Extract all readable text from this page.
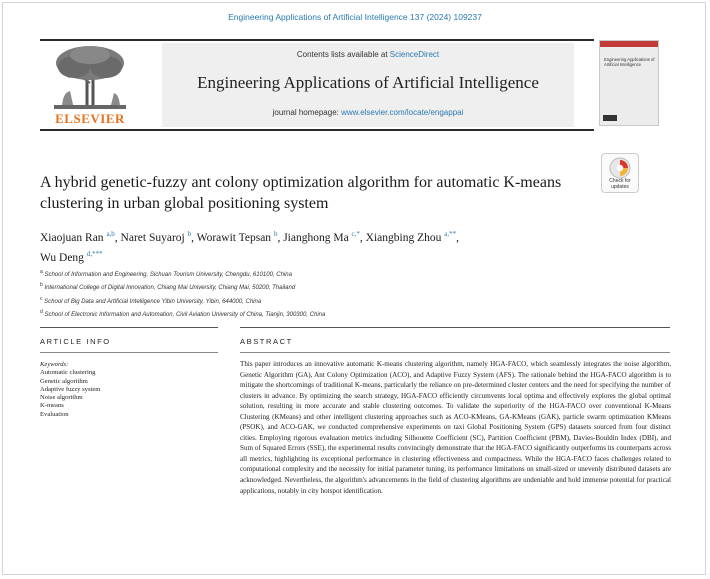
Engineering Applications of Artificial Intelligence 137 (2024) 109237
ELSEVIER
Contents lists available at ScienceDirect
Engineering Applications of Artificial Intelligence
journal homepage: www.elsevier.com/locate/engappai
Engineering Applications of Artificial Intelligence
Check for updates
A hybrid genetic-fuzzy ant colony optimization algorithm for automatic K-means clustering in urban global positioning system
Xiaojuan Ran $^{a,b}$, Naret Suyaroj $^b$, Worawit Tepsan $^b$, Jianghong Ma $^{c,*}$, Xiangbing Zhou $^{a,**}$,
Wu Deng $^{d,***}$
$^a$ School of Information and Engineering, Sichuan Tourism University, Chengdu, 610100, China
$^b$ International College of Digital Innovation, Chiang Mai University, Chiang Mai, 50200, Thailand
$^c$ School of Big Data and Artificial Intelligence Yibin University, Yibin, 644000, China
$^d$ School of Electronic Information and Automation, Civil Aviation University of China, Tianjin, 300300, China
ARTICLE INFO	ABSTRACT
Keywords:
Automatic clustering
Genetic algorithm
Adaptive fuzzy system
Noise algorithm
K-means
Evaluation

This paper introduces an innovative automatic K-means clustering algorithm, namely HGA-FACO, which seamlessly integrates the noise algorithm, Genetic Algorithm (GA), Ant Colony Optimization (ACO), and Adaptive Fuzzy System (AFS). The rationale behind the HGA-FACO algorithm is to mitigate the shortcomings of traditional K-means, particularly the reliance on pre-determined cluster centers and the need for specifying the number of clusters in advance. By optimizing the search strategy, HGA-FACO efficiently circumvents local optima and effectively explores the global optimal solution, resulting in more accurate and stable clustering outcomes. To validate the superiority of the HGA-FACO over conventional K-Means Clustering (KMeans) and other intelligent clustering approaches such as ACO-KMeans, GA-KMeans (GAK), particle swarm optimization KMeans (PSOK), and ACO-GAK, we conducted comprehensive experiments on taxi Global Positioning System (GPS) datasets sourced from four distinct cities. Employing rigorous evaluation metrics including Silhouette Coefficient (SC), Partition Coefficient (PBM), Davies-Bouldin Index (DBI), and Sum of Squared Errors (SSE), the experimental results convincingly demonstrate that the HGA-FACO significantly outperforms its counterparts across all metrics, highlighting its exceptional performance in clustering effectiveness and compactness. While the HGA-FACO faces challenges related to computational complexity and the necessity for initial parameter tuning, its performance limitations on small-sized or unevenly distributed datasets are acknowledged. Nevertheless, the algorithm's advancements in the field of clustering algorithms are undeniable and hold immense potential for practical applications, notably in city hotspot identification.
